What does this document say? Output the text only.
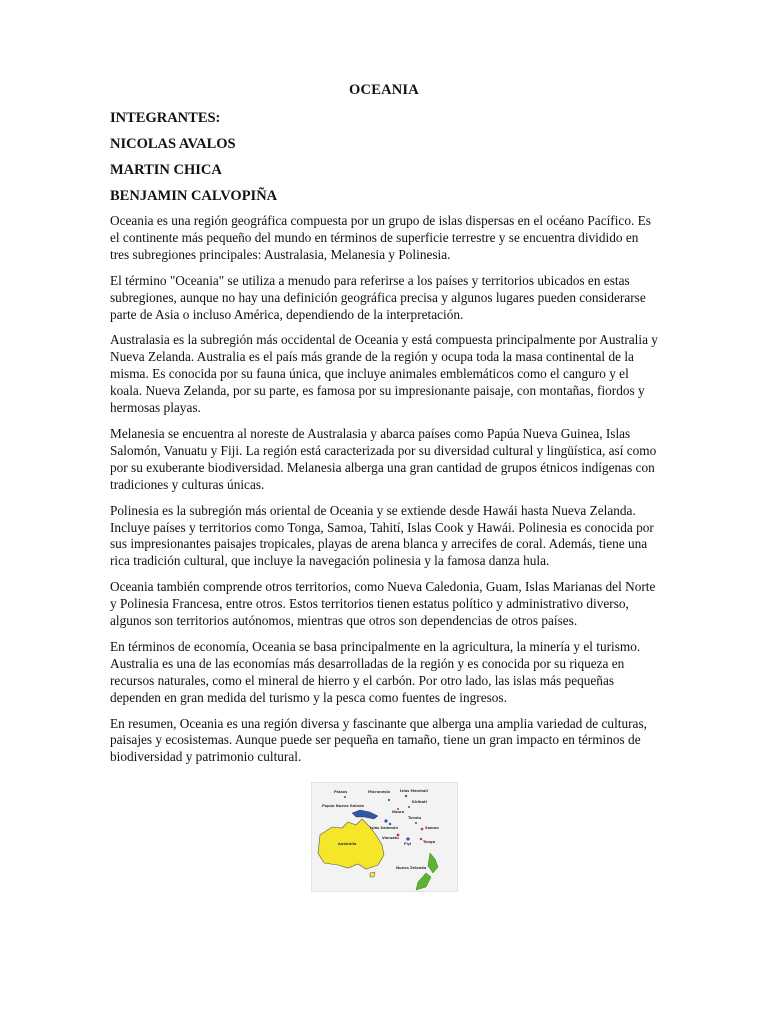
OCEANIA
INTEGRANTES:
NICOLAS AVALOS
MARTIN CHICA
BENJAMIN CALVOPIÑA

Oceania es una región geográfica compuesta por un grupo de islas dispersas en el océano Pacífico. Es el continente más pequeño del mundo en términos de superficie terrestre y se encuentra dividido en tres subregiones principales: Australasia, Melanesia y Polinesia.

El término "Oceania" se utiliza a menudo para referirse a los países y territorios ubicados en estas subregiones, aunque no hay una definición geográfica precisa y algunos lugares pueden considerarse parte de Asia o incluso América, dependiendo de la interpretación.

Australasia es la subregión más occidental de Oceania y está compuesta principalmente por Australia y Nueva Zelanda. Australia es el país más grande de la región y ocupa toda la masa continental de la misma. Es conocida por su fauna única, que incluye animales emblemáticos como el canguro y el koala. Nueva Zelanda, por su parte, es famosa por su impresionante paisaje, con montañas, fiordos y hermosas playas.

Melanesia se encuentra al noreste de Australasia y abarca países como Papúa Nueva Guinea, Islas Salomón, Vanuatu y Fiji. La región está caracterizada por su diversidad cultural y lingüística, así como por su exuberante biodiversidad. Melanesia alberga una gran cantidad de grupos étnicos indígenas con tradiciones y culturas únicas.

Polinesia es la subregión más oriental de Oceania y se extiende desde Hawái hasta Nueva Zelanda. Incluye países y territorios como Tonga, Samoa, Tahití, Islas Cook y Hawái. Polinesia es conocida por sus impresionantes paisajes tropicales, playas de arena blanca y arrecifes de coral. Además, tiene una rica tradición cultural, que incluye la navegación polinesia y la famosa danza hula.

Oceania también comprende otros territorios, como Nueva Caledonia, Guam, Islas Marianas del Norte y Polinesia Francesa, entre otros. Estos territorios tienen estatus político y administrativo diverso, algunos son territorios autónomos, mientras que otros son dependencias de otros países.

En términos de economía, Oceania se basa principalmente en la agricultura, la minería y el turismo. Australia es una de las economías más desarrolladas de la región y es conocida por su riqueza en recursos naturales, como el mineral de hierro y el carbón. Por otro lado, las islas más pequeñas dependen en gran medida del turismo y la pesca como fuentes de ingresos.

En resumen, Oceania es una región diversa y fascinante que alberga una amplia variedad de culturas, paisajes y ecosistemas. Aunque puede ser pequeña en tamaño, tiene un gran impacto en términos de biodiversidad y patrimonio cultural.

Palaos	Micronesia	Islas Marshall
Kiribati
Papúa Nueva Guinea
Nauru
Tuvalu
Islas Salomón	Samoa
Vanuatu
Fiyi	Tonga
Australia
Nueva Zelanda
